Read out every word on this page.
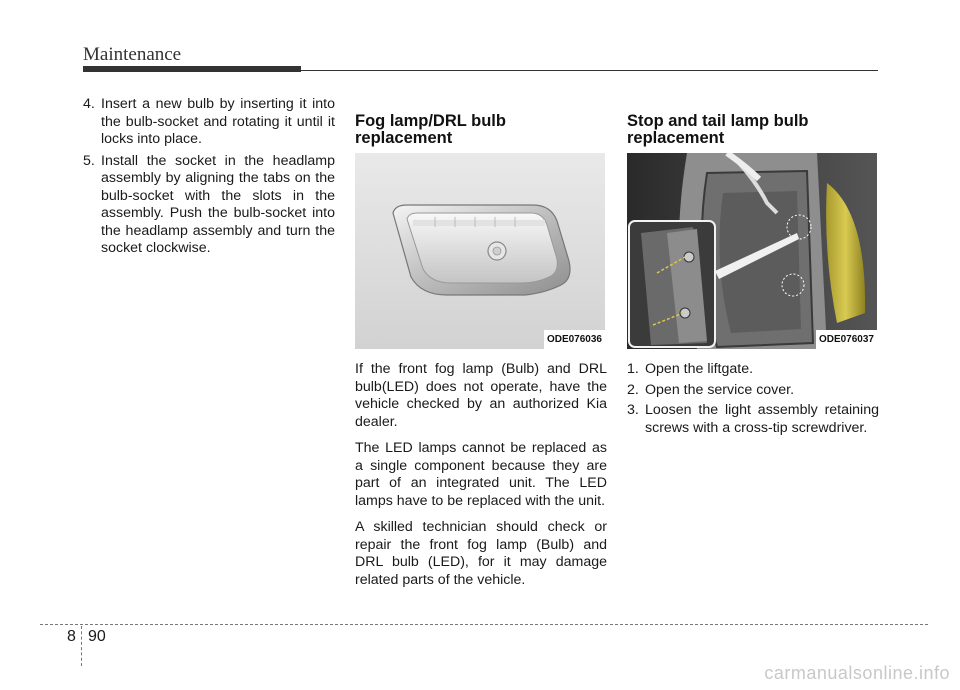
Maintenance
4. Insert a new bulb by inserting it into the bulb-socket and rotating it until it locks into place.
5. Install the socket in the headlamp assembly by aligning the tabs on the bulb-socket with the slots in the assembly. Push the bulb-socket into the headlamp assembly and turn the socket clockwise.
Fog lamp/DRL bulb replacement
ODE076036

If the front fog lamp (Bulb) and DRL bulb(LED) does not operate, have the vehicle checked by an authorized Kia dealer.

The LED lamps cannot be replaced as a single component because they are part of an integrated unit. The LED lamps have to be replaced with the unit.

A skilled technician should check or repair the front fog lamp (Bulb) and DRL bulb (LED), for it may damage related parts of the vehicle.

Stop and tail lamp bulb replacement
ODE076037
1. Open the liftgate.
2. Open the service cover.
3. Loosen the light assembly retaining screws with a cross-tip screwdriver.
8 90
carmanualsonline.info
